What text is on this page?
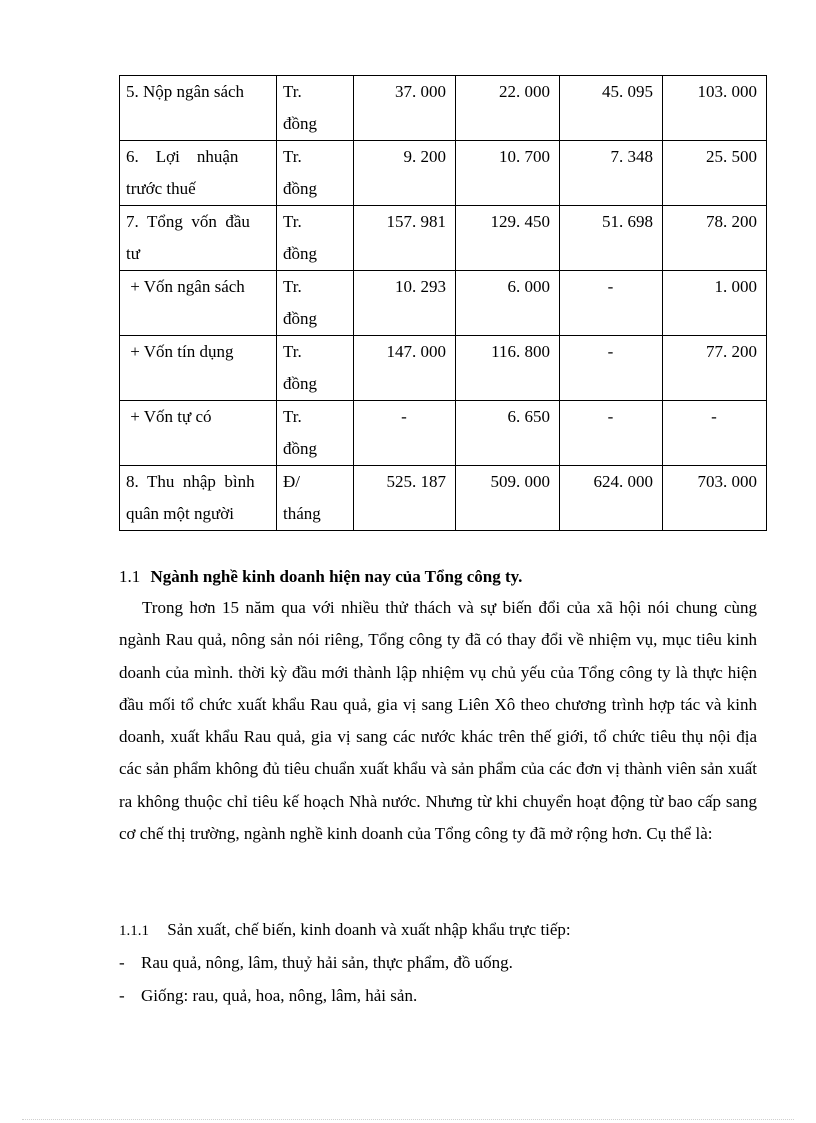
5. Nộp ngân sách	Tr.
đồng	37. 000	22. 000	45. 095	103. 000

6.    Lợi    nhuận
trước thuế	Tr.
đồng	9. 200	10. 700	7. 348	25. 500

7.  Tổng  vốn  đầu
tư	Tr.
đồng	157. 981	129. 450	51. 698	78. 200

+ Vốn ngân sách	Tr.
đồng	10. 293	6. 000	-	1. 000

+ Vốn tín dụng	Tr.
đồng	147. 000	116. 800	-	77. 200

+ Vốn tự có	Tr.
đồng	-	6. 650	-	-

8.  Thu  nhập  bình
quân một người	Đ/
tháng	525. 187	509. 000	624. 000	703. 000
1.1 Ngành nghề kinh doanh hiện nay của Tổng công ty.

Trong hơn 15 năm qua với nhiều thử thách và sự biến đổi của xã hội nói chung cùng ngành Rau quả, nông sản nói riêng, Tổng công ty đã có thay đổi về nhiệm vụ, mục tiêu kinh doanh của mình. thời kỳ đầu mới thành lập nhiệm vụ chủ yếu của Tổng công ty là thực hiện đầu mối tổ chức xuất khẩu Rau quả, gia vị sang Liên Xô theo chương trình hợp tác và kinh doanh, xuất khẩu Rau quả, gia vị sang các nước khác trên thế giới, tổ chức tiêu thụ nội địa các sản phẩm không đủ tiêu chuẩn xuất khẩu và sản phẩm của các đơn vị thành viên sản xuất ra không thuộc chỉ tiêu kế hoạch Nhà nước. Nhưng từ khi chuyển hoạt động từ bao cấp sang cơ chế thị trường, ngành nghề kinh doanh của Tổng công ty đã mở rộng hơn. Cụ thể là:

1.1.1 Sản xuất, chế biến, kinh doanh và xuất nhập khẩu trực tiếp:
- Rau quả, nông, lâm, thuỷ hải sản, thực phẩm, đồ uống.
- Giống: rau, quả, hoa, nông, lâm, hải sản.
